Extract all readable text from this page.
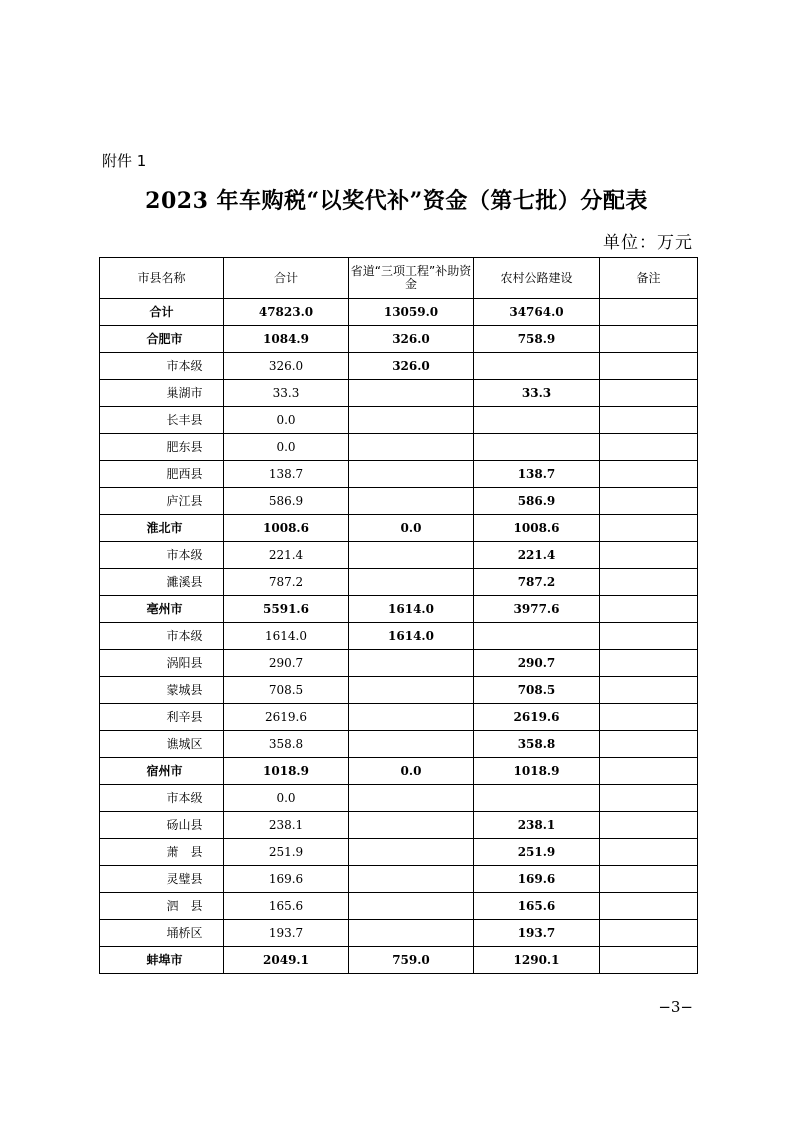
附件 1
2023 年车购税“以奖代补”资金（第七批）分配表
单位：万元
市县名称	合计	省道“三项工程”补助资金	农村公路建设	备注
合计	47823.0	13059.0	34764.0	
合肥市	1084.9	326.0	758.9	
市本级	326.0	326.0		
巢湖市	33.3		33.3	
长丰县	0.0			
肥东县	0.0			
肥西县	138.7		138.7	
庐江县	586.9		586.9	
淮北市	1008.6	0.0	1008.6	
市本级	221.4		221.4	
濉溪县	787.2		787.2	
亳州市	5591.6	1614.0	3977.6	
市本级	1614.0	1614.0		
涡阳县	290.7		290.7	
蒙城县	708.5		708.5	
利辛县	2619.6		2619.6	
谯城区	358.8		358.8	
宿州市	1018.9	0.0	1018.9	
市本级	0.0			
砀山县	238.1		238.1	
萧　县	251.9		251.9	
灵璧县	169.6		169.6	
泗　县	165.6		165.6	
埇桥区	193.7		193.7	
蚌埠市	2049.1	759.0	1290.1	
−3−
